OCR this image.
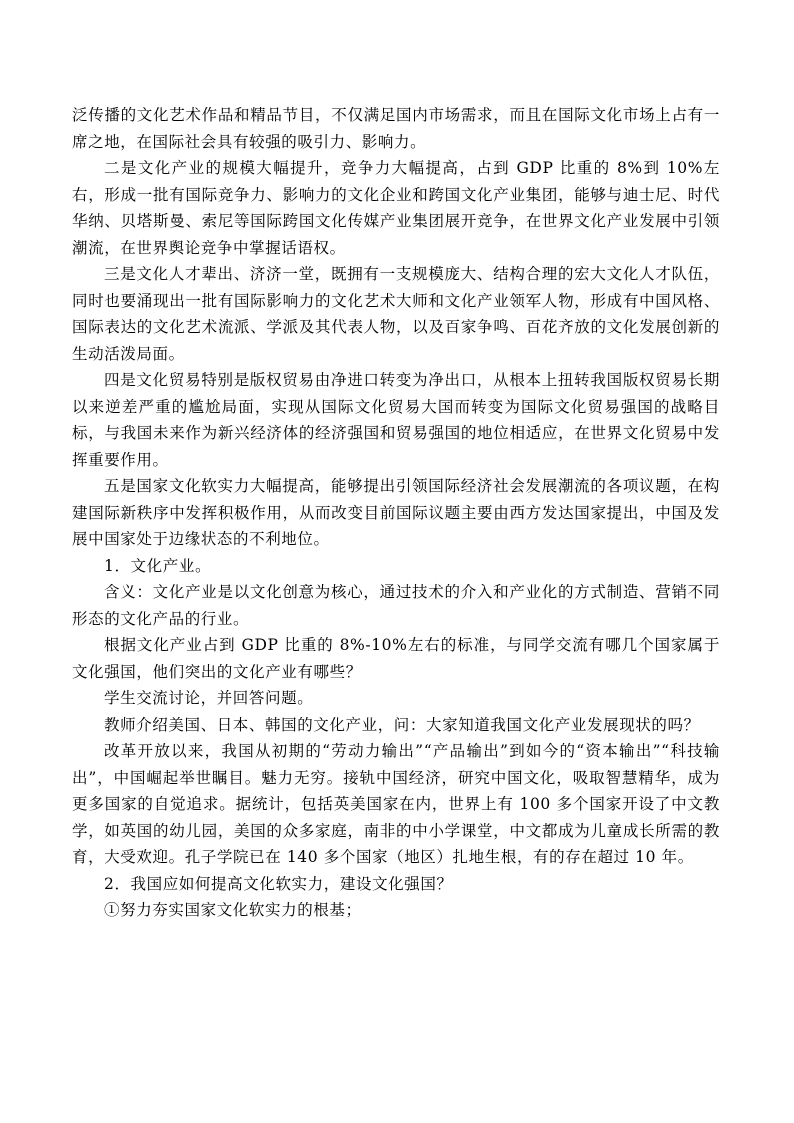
泛传播的文化艺术作品和精品节目，不仅满足国内市场需求，而且在国际文化市场上占有一席之地，在国际社会具有较强的吸引力、影响力。

二是文化产业的规模大幅提升，竞争力大幅提高，占到 GDP 比重的 8%到 10%左右，形成一批有国际竞争力、影响力的文化企业和跨国文化产业集团，能够与迪士尼、时代华纳、贝塔斯曼、索尼等国际跨国文化传媒产业集团展开竞争，在世界文化产业发展中引领潮流，在世界舆论竞争中掌握话语权。

三是文化人才辈出、济济一堂，既拥有一支规模庞大、结构合理的宏大文化人才队伍，同时也要涌现出一批有国际影响力的文化艺术大师和文化产业领军人物，形成有中国风格、国际表达的文化艺术流派、学派及其代表人物，以及百家争鸣、百花齐放的文化发展创新的生动活泼局面。

四是文化贸易特别是版权贸易由净进口转变为净出口，从根本上扭转我国版权贸易长期以来逆差严重的尴尬局面，实现从国际文化贸易大国而转变为国际文化贸易强国的战略目标，与我国未来作为新兴经济体的经济强国和贸易强国的地位相适应，在世界文化贸易中发挥重要作用。

五是国家文化软实力大幅提高，能够提出引领国际经济社会发展潮流的各项议题，在构建国际新秩序中发挥积极作用，从而改变目前国际议题主要由西方发达国家提出，中国及发展中国家处于边缘状态的不利地位。

1．文化产业。

含义：文化产业是以文化创意为核心，通过技术的介入和产业化的方式制造、营销不同形态的文化产品的行业。

根据文化产业占到 GDP 比重的 8%-10%左右的标准，与同学交流有哪几个国家属于文化强国，他们突出的文化产业有哪些？

学生交流讨论，并回答问题。

教师介绍美国、日本、韩国的文化产业，问：大家知道我国文化产业发展现状的吗？

改革开放以来，我国从初期的“劳动力输出”“产品输出”到如今的“资本输出”“科技输出”，中国崛起举世瞩目。魅力无穷。接轨中国经济，研究中国文化，吸取智慧精华，成为更多国家的自觉追求。据统计，包括英美国家在内，世界上有 100 多个国家开设了中文教学，如英国的幼儿园，美国的众多家庭，南非的中小学课堂，中文都成为儿童成长所需的教育，大受欢迎。孔子学院已在 140 多个国家（地区）扎地生根，有的存在超过 10 年。

2．我国应如何提高文化软实力，建设文化强国？

①努力夯实国家文化软实力的根基；
